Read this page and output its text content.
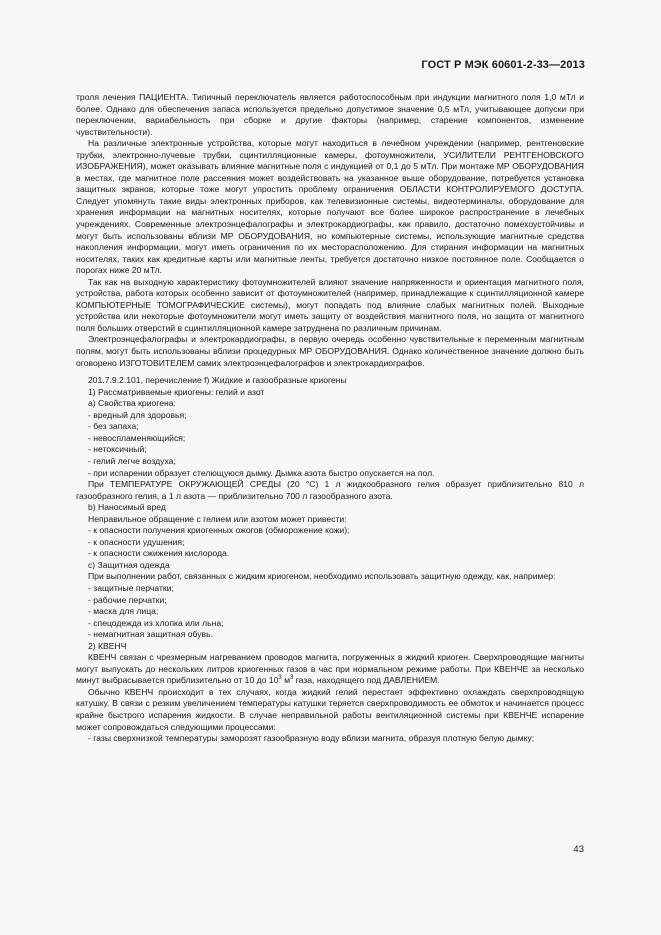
ГОСТ Р МЭК 60601-2-33—2013

троля лечения ПАЦИЕНТА. Типичный переключатель является работоспособным при индукции магнитного поля 1,0 мТл и более. Однако для обеспечения запаса используется предельно допустимое значение 0,5 мТл, учитывающее допуски при переключении, вариабельность при сборке и другие факторы (например, старение компонентов, изменение чувствительности).

На различные электронные устройства, которые могут находиться в лечебном учреждении (например, рентгеновские трубки, электронно-лучевые трубки, сцинтилляционные камеры, фотоумножители, УСИЛИТЕЛИ РЕНТГЕНОВСКОГО ИЗОБРАЖЕНИЯ), может оказывать влияние магнитные поля с индукцией от 0,1 до 5 мТл. При монтаже МР ОБОРУДОВАНИЯ в местах, где магнитное поле рассеяния может воздействовать на указанное выше оборудование, потребуется установка защитных экранов, которые тоже могут упростить проблему ограничения ОБЛАСТИ КОНТРОЛИРУЕМОГО ДОСТУПА. Следует упомянуть такие виды электронных приборов, как телевизионные системы, видеотерминалы, оборудование для хранения информации на магнитных носителях, которые получают все более широкое распространение в лечебных учреждениях. Современные электроэнцефалографы и электрокардиографы, как правило, достаточно помехоустойчивы и могут быть использованы вблизи МР ОБОРУДОВАНИЯ, но компьютерные системы, использующие магнитные средства накопления информации, могут иметь ограничения по их месторасположению. Для стирания информации на магнитных носителях, таких как кредитные карты или магнитные ленты, требуется достаточно низкое постоянное поле. Сообщается о порогах ниже 20 мТл.

Так как на выходную характеристику фотоумножителей влияют значение напряженности и ориентация магнитного поля, устройства, работа которых особенно зависит от фотоумножителей (например, принадлежащие к сцинтилляционной камере КОМПЬЮТЕРНЫЕ ТОМОГРАФИЧЕСКИЕ системы), могут попадать под влияние слабых магнитных полей. Выходные устройства или некоторые фотоумножители могут иметь защиту от воздействия магнитного поля, но защита от магнитного поля больших отверстий в сцинтилляционной камере затруднена по различным причинам.

Электроэнцефалографы и электрокардиографы, в первую очередь особенно чувствительные к переменным магнитным полям, могут быть использованы вблизи процедурных МР ОБОРУДОВАНИЯ. Однако количественное значение должно быть оговорено ИЗГОТОВИТЕЛЕМ самих электроэнцефалографов и электрокардиографов.

201.7.9.2.101, перечисление f) Жидкие и газообразные криогены

1) Рассматриваемые криогены: гелий и азот

a) Свойства криогена:

- вредный для здоровья;

- без запаха;

- невоспламеняющийся;

- нетоксичный;

- гелий легче воздуха;

- при испарении образует стелющуюся дымку. Дымка азота быстро опускается на пол.

При ТЕМПЕРАТУРЕ ОКРУЖАЮЩЕЙ СРЕДЫ (20 °С) 1 л жидкообразного гелия образует приблизительно 810 л газообразного гелия, а 1 л азота — приблизительно 700 л газообразного азота.

b) Наносимый вред

Неправильное обращение с гелием или азотом может привести:

- к опасности получения криогенных ожогов (обморожение кожи);

- к опасности удушения;

- к опасности сжижения кислорода.

c) Защитная одежда

При выполнении работ, связанных с жидким криогеном, необходимо использовать защитную одежду, как, например:

- защитные перчатки;

- рабочие перчатки;

- маска для лица;

- спецодежда из хлопка или льна;

- немагнитная защитная обувь.

2) КВЕНЧ

КВЕНЧ связан с чрезмерным нагреванием проводов магнита, погруженных в жидкий криоген. Сверхпроводящие магниты могут выпускать до нескольких литров криогенных газов в час при нормальном режиме работы. При КВЕНЧЕ за несколько минут выбрасывается приблизительно от 10 до $10^3$ $м^3$ газа, находящего под ДАВЛЕНИЕМ.

Обычно КВЕНЧ происходит в тех случаях, когда жидкий гелий перестает эффективно охлаждать сверхпроводящую катушку. В связи с резким увеличением температуры катушки теряется сверхпроводимость ее обмоток и начинается процесс крайне быстрого испарения жидкости. В случае неправильной работы вентиляционной системы при КВЕНЧЕ испарение может сопровождаться следующими процессами:

- газы сверхнизкой температуры заморозят газообразную воду вблизи магнита, образуя плотную белую дымку;

43
